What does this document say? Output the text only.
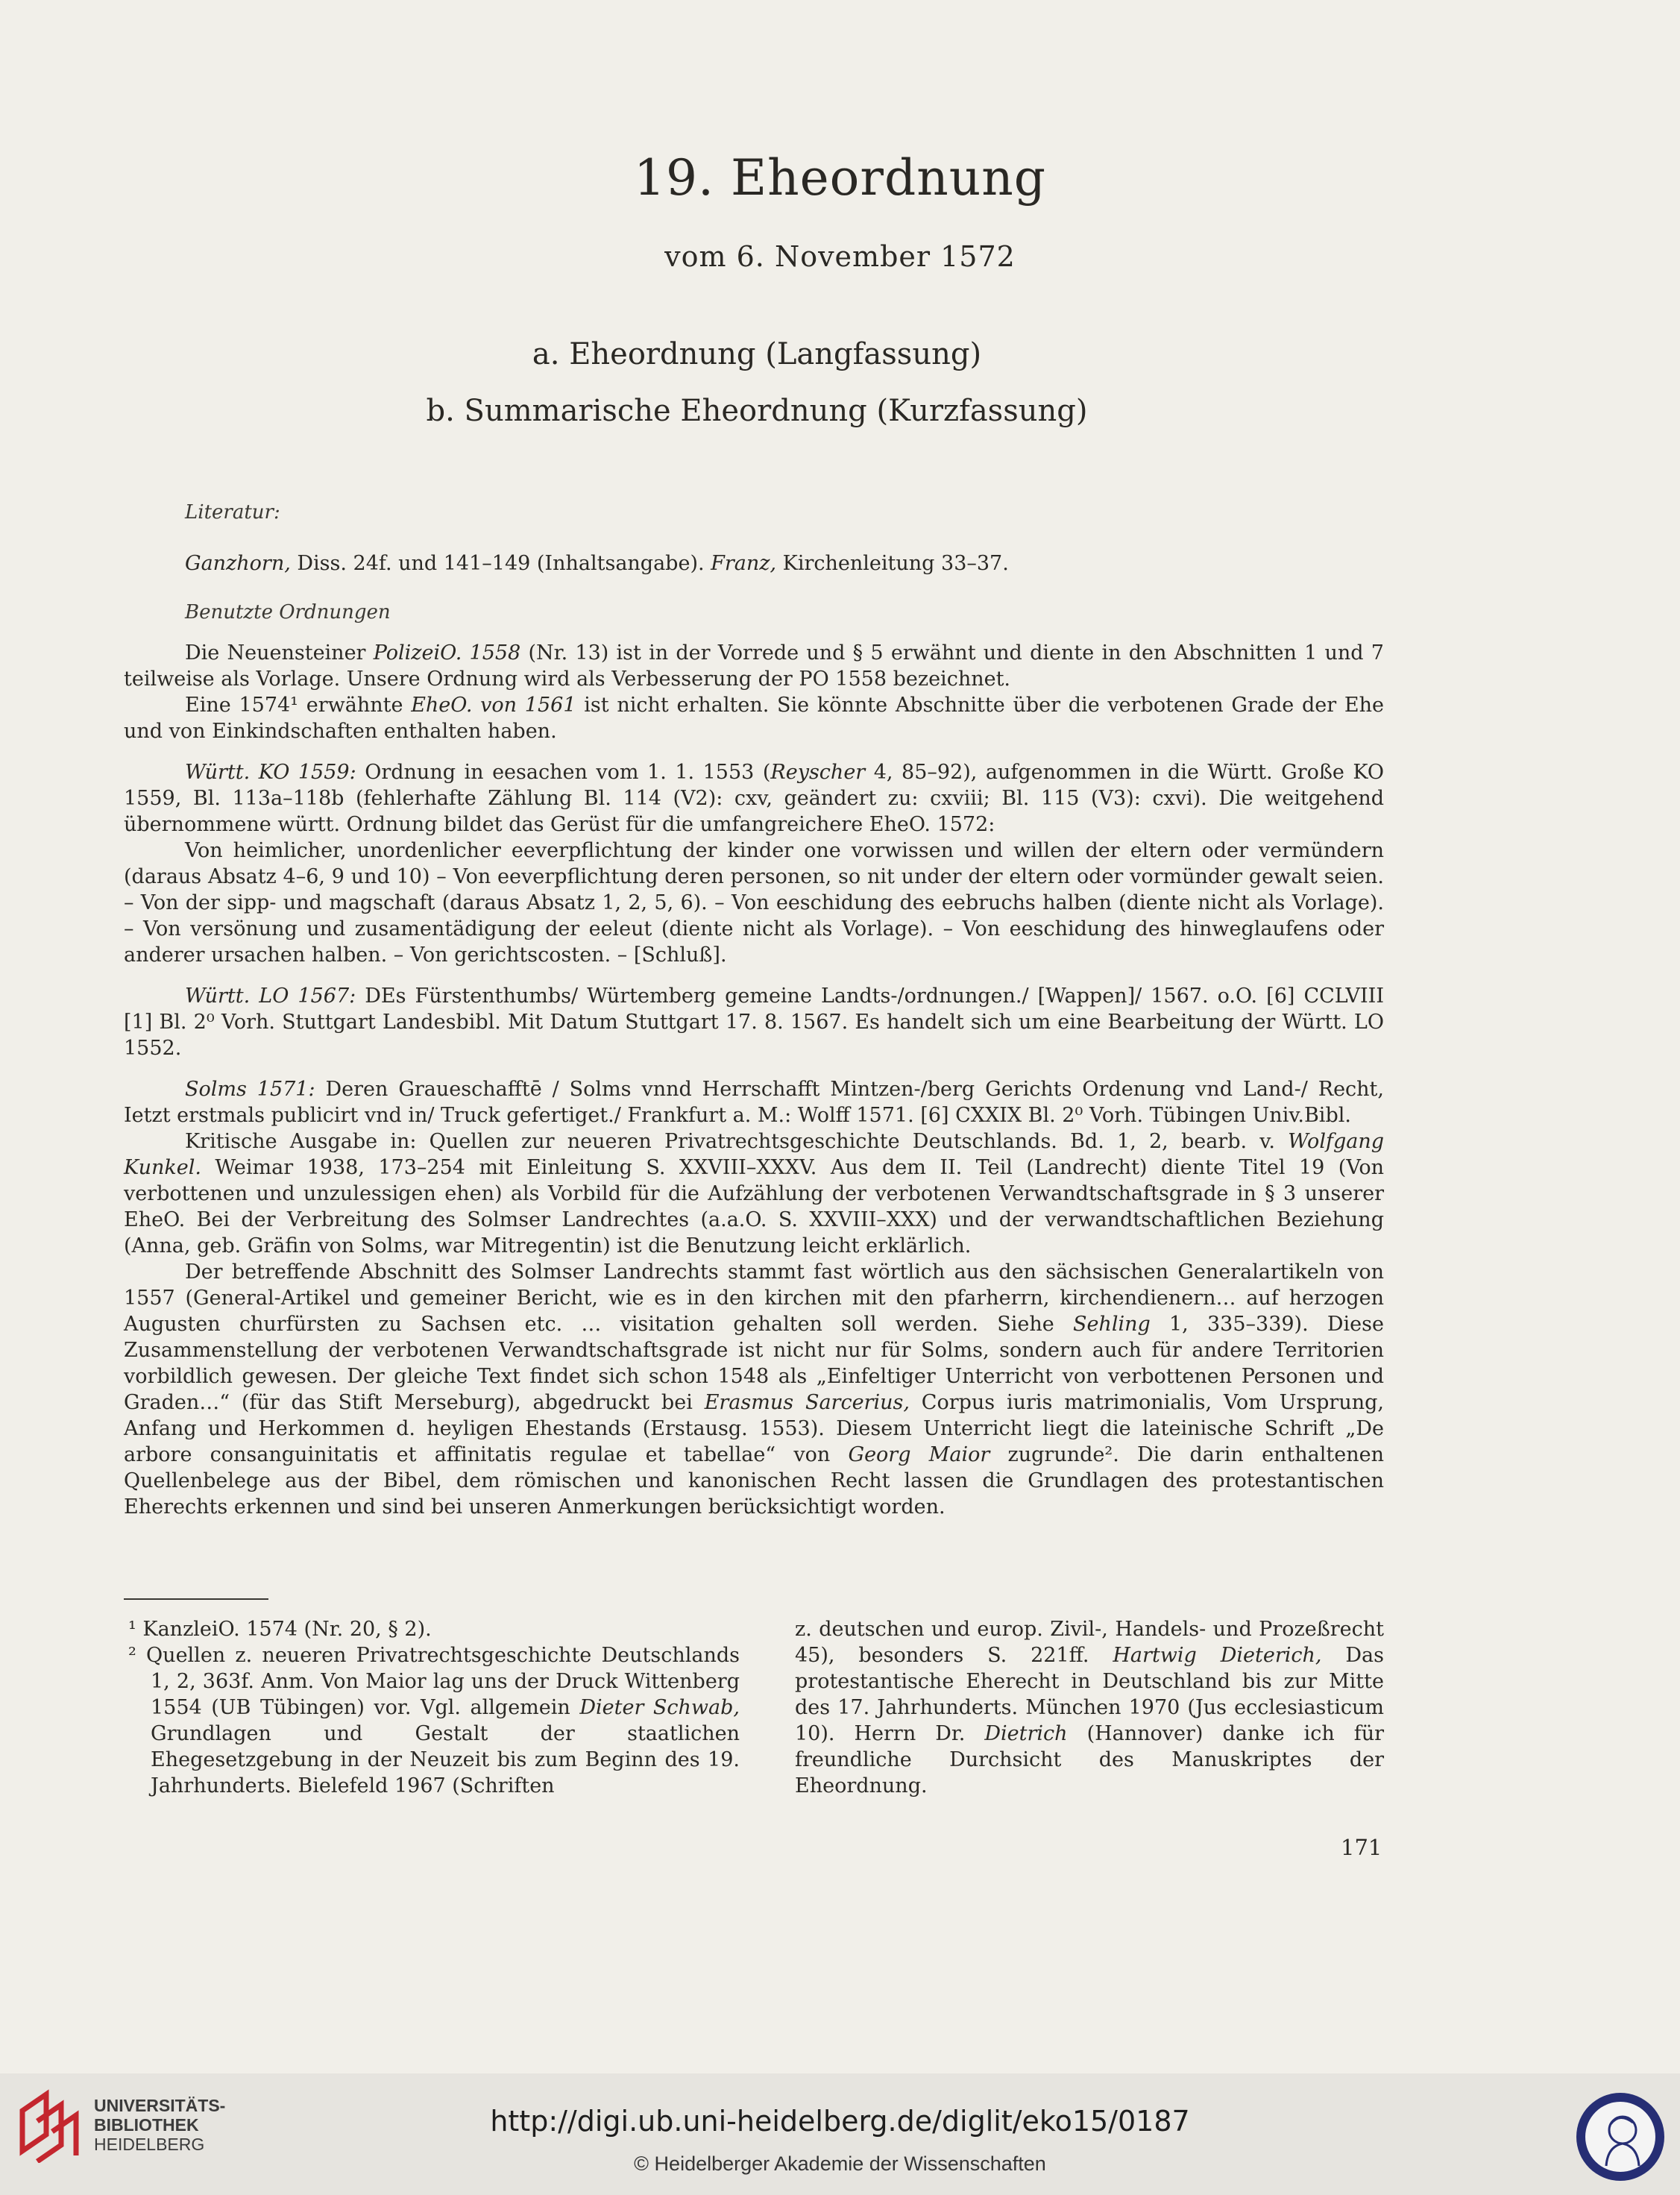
19. Eheordnung
vom 6. November 1572
a. Eheordnung (Langfassung)
b. Summarische Eheordnung (Kurzfassung)
Literatur:
Ganzhorn, Diss. 24f. und 141–149 (Inhaltsangabe). Franz, Kirchenleitung 33–37.
Benutzte Ordnungen

Die Neuensteiner PolizeiO. 1558 (Nr. 13) ist in der Vorrede und § 5 erwähnt und diente in den Abschnitten 1 und 7 teilweise als Vorlage. Unsere Ordnung wird als Verbesserung der PO 1558 bezeichnet.

Eine 1574¹ erwähnte EheO. von 1561 ist nicht erhalten. Sie könnte Abschnitte über die verbotenen Grade der Ehe und von Einkindschaften enthalten haben.

Württ. KO 1559: Ordnung in eesachen vom 1. 1. 1553 (Reyscher 4, 85–92), aufgenommen in die Württ. Große KO 1559, Bl. 113a–118b (fehlerhafte Zählung Bl. 114 (V2): cxv, geändert zu: cxviii; Bl. 115 (V3): cxvi). Die weitgehend übernommene württ. Ordnung bildet das Gerüst für die umfangreichere EheO. 1572:

Von heimlicher, unordenlicher eeverpflichtung der kinder one vorwissen und willen der eltern oder vermündern (daraus Absatz 4–6, 9 und 10) – Von eeverpflichtung deren personen, so nit under der eltern oder vormünder gewalt seien. – Von der sipp- und magschaft (daraus Absatz 1, 2, 5, 6). – Von eeschidung des eebruchs halben (diente nicht als Vorlage). – Von versönung und zusamentädigung der eeleut (diente nicht als Vorlage). – Von eeschidung des hinweglaufens oder anderer ursachen halben. – Von gerichtscosten. – [Schluß].

Württ. LO 1567: DEs Fürstenthumbs/ Würtemberg gemeine Landts-/ordnungen./ [Wappen]/ 1567. o.O. [6] CCLVIII [1] Bl. 2⁰ Vorh. Stuttgart Landesbibl. Mit Datum Stuttgart 17. 8. 1567. Es handelt sich um eine Bearbeitung der Württ. LO 1552.

Solms 1571: Deren Graueschafftē / Solms vnnd Herrschafft Mintzen-/berg Gerichts Ordenung vnd Land-/ Recht, Ietzt erstmals publicirt vnd in/ Truck gefertiget./ Frankfurt a. M.: Wolff 1571. [6] CXXIX Bl. 2⁰ Vorh. Tübingen Univ.Bibl.

Kritische Ausgabe in: Quellen zur neueren Privatrechtsgeschichte Deutschlands. Bd. 1, 2, bearb. v. Wolfgang Kunkel. Weimar 1938, 173–254 mit Einleitung S. XXVIII–XXXV. Aus dem II. Teil (Landrecht) diente Titel 19 (Von verbottenen und unzulessigen ehen) als Vorbild für die Aufzählung der verbotenen Verwandtschaftsgrade in § 3 unserer EheO. Bei der Verbreitung des Solmser Landrechtes (a.a.O. S. XXVIII–XXX) und der verwandtschaftlichen Beziehung (Anna, geb. Gräfin von Solms, war Mitregentin) ist die Benutzung leicht erklärlich.

Der betreffende Abschnitt des Solmser Landrechts stammt fast wörtlich aus den sächsischen Generalartikeln von 1557 (General-Artikel und gemeiner Bericht, wie es in den kirchen mit den pfarherrn, kirchendienern… auf herzogen Augusten churfürsten zu Sachsen etc. … visitation gehalten soll werden. Siehe Sehling 1, 335–339). Diese Zusammenstellung der verbotenen Verwandtschaftsgrade ist nicht nur für Solms, sondern auch für andere Territorien vorbildlich gewesen. Der gleiche Text findet sich schon 1548 als „Einfeltiger Unterricht von verbottenen Personen und Graden…“ (für das Stift Merseburg), abgedruckt bei Erasmus Sarcerius, Corpus iuris matrimonialis, Vom Ursprung, Anfang und Herkommen d. heyligen Ehestands (Erstausg. 1553). Diesem Unterricht liegt die lateinische Schrift „De arbore consanguinitatis et affinitatis regulae et tabellae“ von Georg Maior zugrunde². Die darin enthaltenen Quellenbelege aus der Bibel, dem römischen und kanonischen Recht lassen die Grundlagen des protestantischen Eherechts erkennen und sind bei unseren Anmerkungen berücksichtigt worden.

¹ KanzleiO. 1574 (Nr. 20, § 2).

² Quellen z. neueren Privatrechtsgeschichte Deutschlands 1, 2, 363f. Anm. Von Maior lag uns der Druck Wittenberg 1554 (UB Tübingen) vor. Vgl. allgemein Dieter Schwab, Grundlagen und Gestalt der staatlichen Ehegesetzgebung in der Neuzeit bis zum Beginn des 19. Jahrhunderts. Bielefeld 1967 (Schriften

z. deutschen und europ. Zivil-, Handels- und Prozeßrecht 45), besonders S. 221ff. Hartwig Dieterich, Das protestantische Eherecht in Deutschland bis zur Mitte des 17. Jahrhunderts. München 1970 (Jus ecclesiasticum 10). Herrn Dr. Dietrich (Hannover) danke ich für freundliche Durchsicht des Manuskriptes der Eheordnung.

171
UNIVERSITÄTS-
BIBLIOTHEK
HEIDELBERG
http://digi.ub.uni-heidelberg.de/diglit/eko15/0187
© Heidelberger Akademie der Wissenschaften
